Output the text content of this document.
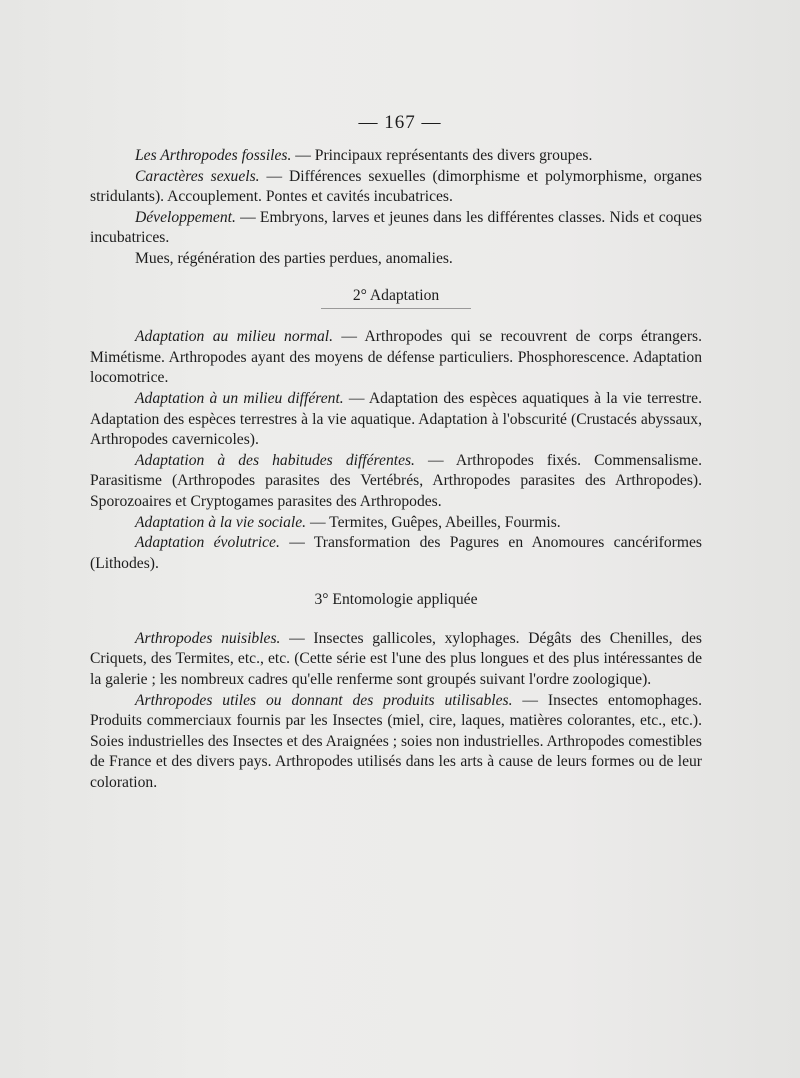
— 167 —

Les Arthropodes fossiles. — Principaux représentants des divers groupes.

Caractères sexuels. — Différences sexuelles (dimorphisme et polymorphisme, organes stridulants). Accouplement. Pontes et cavités incubatrices.

Développement. — Embryons, larves et jeunes dans les différentes classes. Nids et coques incubatrices.

Mues, régénération des parties perdues, anomalies.

2° Adaptation

Adaptation au milieu normal. — Arthropodes qui se recouvrent de corps étrangers. Mimétisme. Arthropodes ayant des moyens de défense particuliers. Phosphorescence. Adaptation locomotrice.

Adaptation à un milieu différent. — Adaptation des espèces aquatiques à la vie terrestre. Adaptation des espèces terrestres à la vie aquatique. Adaptation à l'obscurité (Crustacés abyssaux, Arthropodes cavernicoles).

Adaptation à des habitudes différentes. — Arthropodes fixés. Commensalisme. Parasitisme (Arthropodes parasites des Vertébrés, Arthropodes parasites des Arthropodes). Sporozoaires et Cryptogames parasites des Arthropodes.

Adaptation à la vie sociale. — Termites, Guêpes, Abeilles, Fourmis.

Adaptation évolutrice. — Transformation des Pagures en Anomoures cancériformes (Lithodes).

3° Entomologie appliquée

Arthropodes nuisibles. — Insectes gallicoles, xylophages. Dégâts des Chenilles, des Criquets, des Termites, etc., etc. (Cette série est l'une des plus longues et des plus intéressantes de la galerie ; les nombreux cadres qu'elle renferme sont groupés suivant l'ordre zoologique).

Arthropodes utiles ou donnant des produits utilisables. — Insectes entomophages. Produits commerciaux fournis par les Insectes (miel, cire, laques, matières colorantes, etc., etc.). Soies industrielles des Insectes et des Araignées ; soies non industrielles. Arthropodes comestibles de France et des divers pays. Arthropodes utilisés dans les arts à cause de leurs formes ou de leur coloration.
